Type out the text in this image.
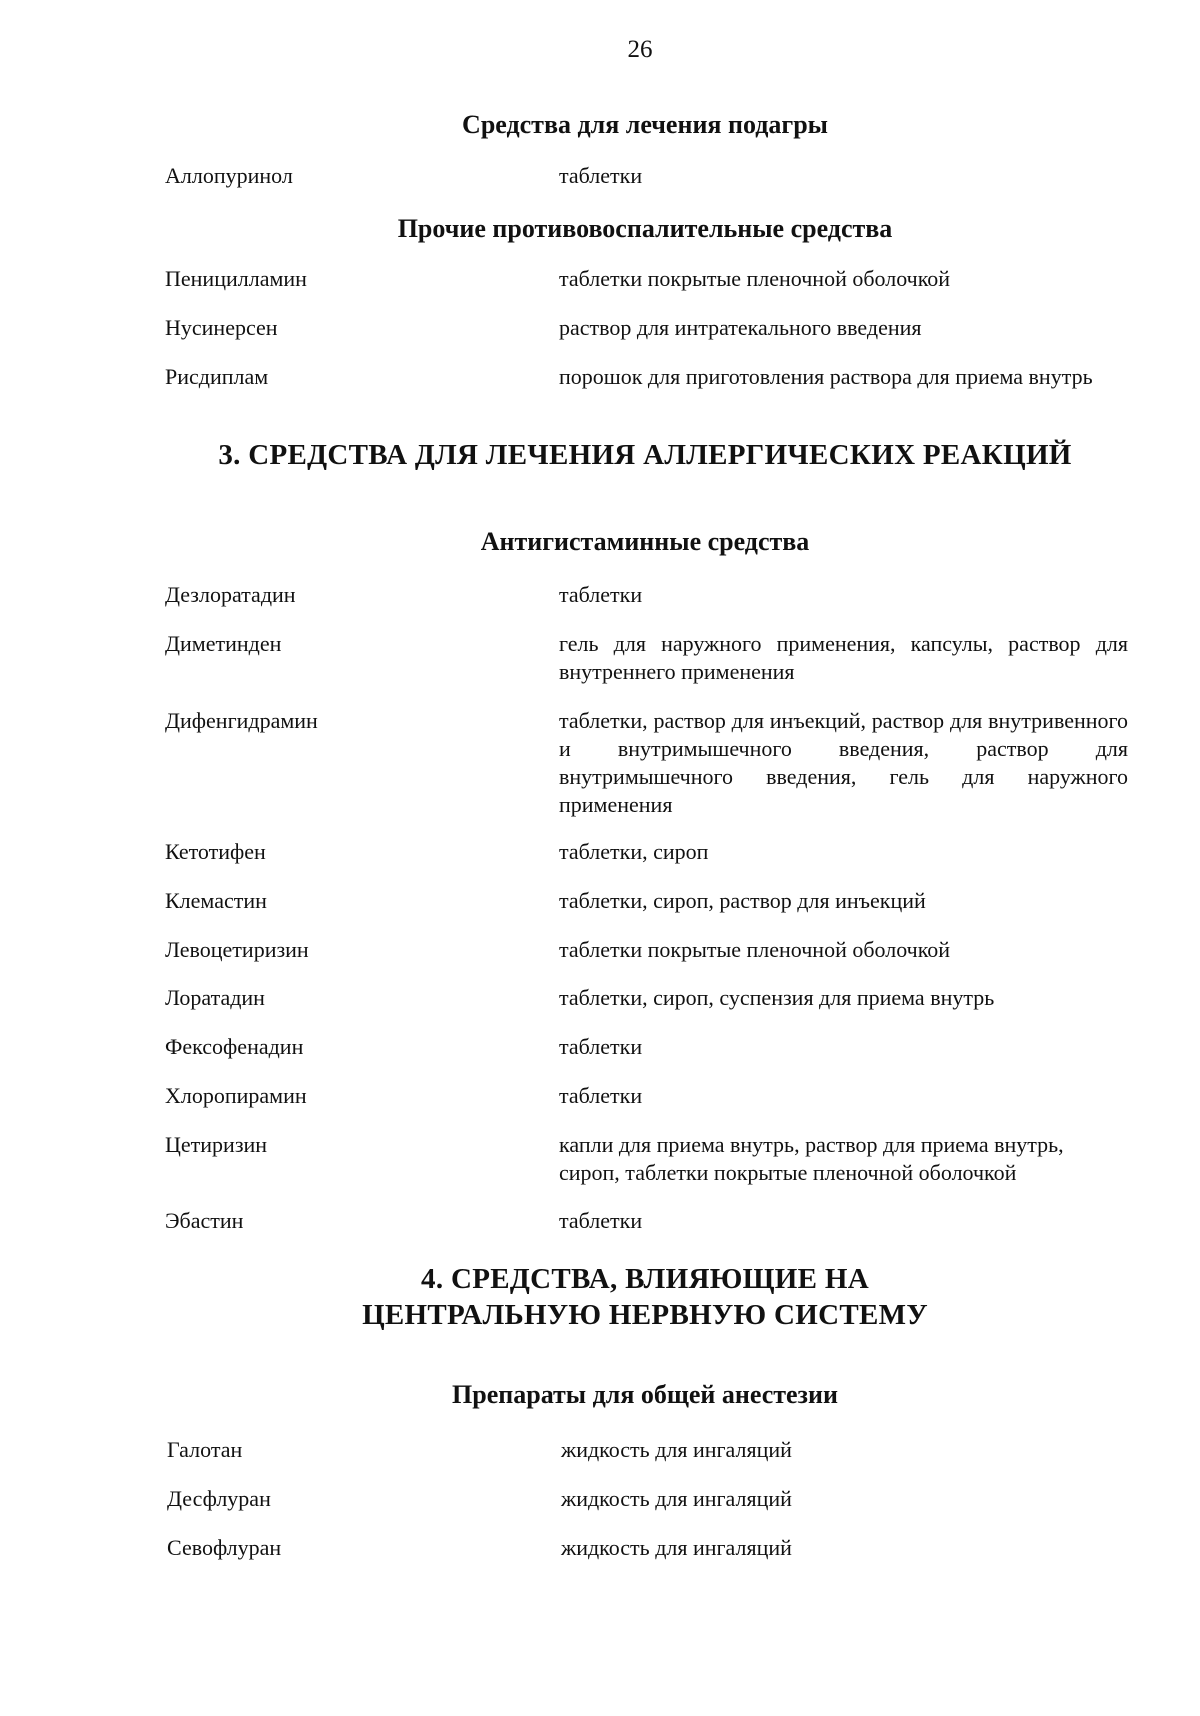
26
Средства для лечения подагры
Аллопуринол	таблетки
Прочие противовоспалительные средства
Пеницилламин	таблетки покрытые пленочной оболочкой
Нусинерсен	раствор для интратекального введения
Рисдиплам	порошок для приготовления раствора для приема внутрь
3. СРЕДСТВА ДЛЯ ЛЕЧЕНИЯ АЛЛЕРГИЧЕСКИХ РЕАКЦИЙ
Антигистаминные средства
Дезлоратадин	таблетки
Диметинден	гель для наружного применения, капсулы, раствор для внутреннего применения
Дифенгидрамин	таблетки, раствор для инъекций, раствор для внутривенного и внутримышечного введения, раствор для внутримышечного введения, гель для наружного применения
Кетотифен	таблетки, сироп
Клемастин	таблетки, сироп, раствор для инъекций
Левоцетиризин	таблетки покрытые пленочной оболочкой
Лоратадин	таблетки, сироп, суспензия для приема внутрь
Фексофенадин	таблетки
Хлоропирамин	таблетки
Цетиризин	капли для приема внутрь, раствор для приема внутрь, сироп, таблетки покрытые пленочной оболочкой
Эбастин	таблетки
4. СРЕДСТВА, ВЛИЯЮЩИЕ НА
ЦЕНТРАЛЬНУЮ НЕРВНУЮ СИСТЕМУ
Препараты для общей анестезии
Галотан	жидкость для ингаляций
Десфлуран	жидкость для ингаляций
Севофлуран	жидкость для ингаляций
